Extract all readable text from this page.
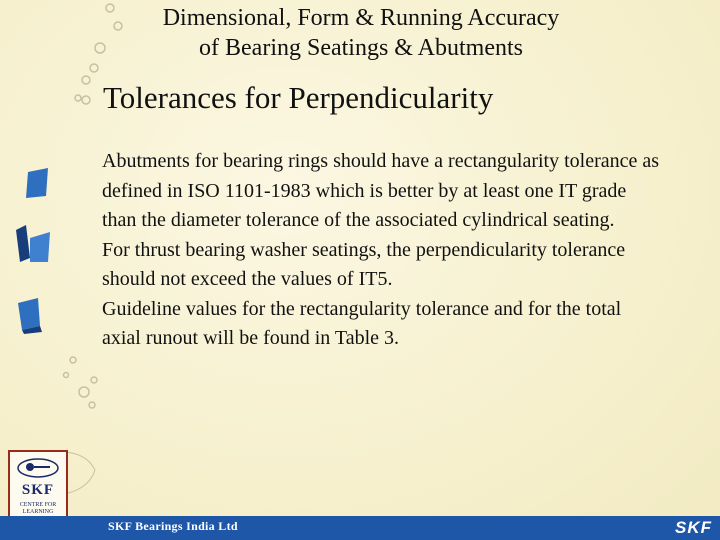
Dimensional, Form & Running Accuracy
of Bearing Seatings & Abutments
Tolerances for Perpendicularity

Abutments for bearing rings should have a rectangularity tolerance as defined in ISO 1101-1983 which is better by at least one IT grade than the diameter tolerance of the associated cylindrical seating.

For thrust bearing washer seatings, the perpendicularity tolerance should not exceed the values of IT5.

Guideline values for the rectangularity tolerance and for the total axial runout will be found in Table 3.

SKF
CENTRE FOR LEARNING
SKF Bearings India Ltd	SKF
